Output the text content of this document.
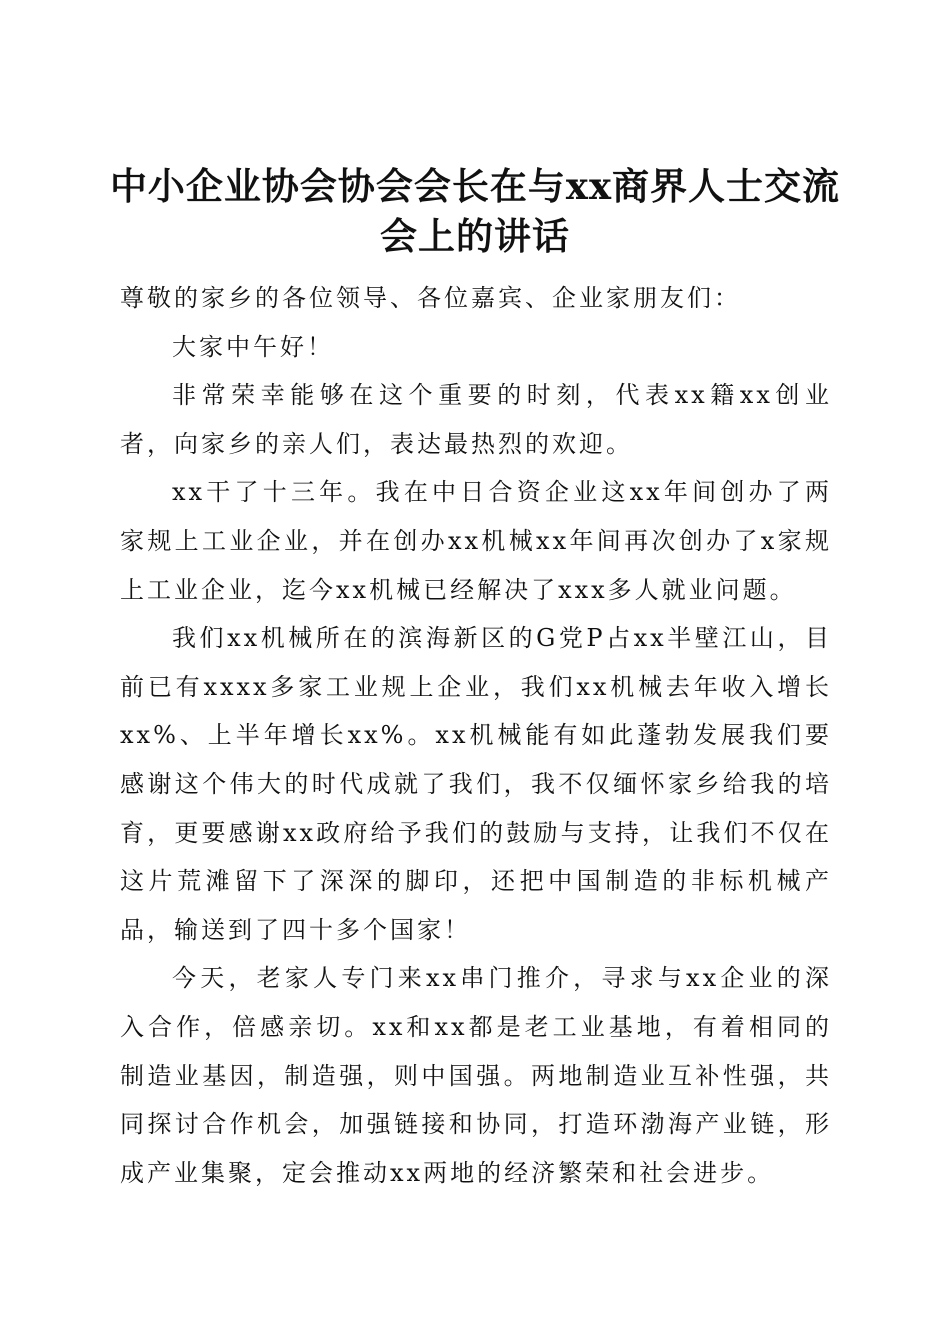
中小企业协会协会会长在与xx商界人士交流
会上的讲话

尊敬的家乡的各位领导、各位嘉宾、企业家朋友们：

大家中午好！

非常荣幸能够在这个重要的时刻，代表xx籍xx创业者，向家乡的亲人们，表达最热烈的欢迎。

xx干了十三年。我在中日合资企业这xx年间创办了两家规上工业企业，并在创办xx机械xx年间再次创办了x家规上工业企业，迄今xx机械已经解决了xxx多人就业问题。

我们xx机械所在的滨海新区的G党P占xx半壁江山，目前已有xxxx多家工业规上企业，我们xx机械去年收入增长xx%、上半年增长xx%。xx机械能有如此蓬勃发展我们要感谢这个伟大的时代成就了我们，我不仅缅怀家乡给我的培育，更要感谢xx政府给予我们的鼓励与支持，让我们不仅在这片荒滩留下了深深的脚印，还把中国制造的非标机械产品，输送到了四十多个国家！

今天，老家人专门来xx串门推介，寻求与xx企业的深入合作，倍感亲切。xx和xx都是老工业基地，有着相同的制造业基因，制造强，则中国强。两地制造业互补性强，共同探讨合作机会，加强链接和协同，打造环渤海产业链，形成产业集聚，定会推动xx两地的经济繁荣和社会进步。
